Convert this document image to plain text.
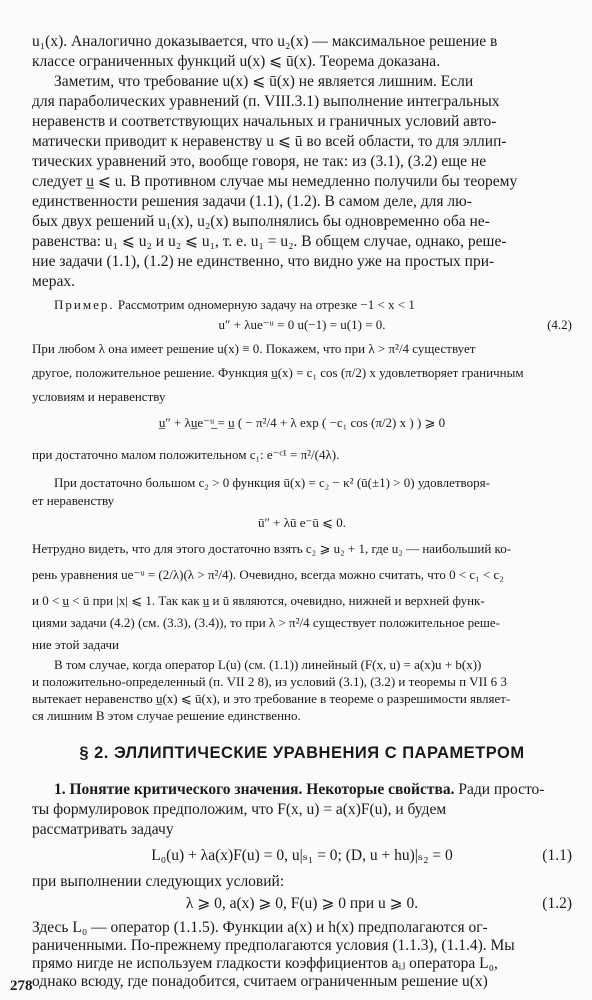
u₁(x). Аналогично доказывается, что u₂(x) — максимальное решение в
классе ограниченных функций u(x) ⩽ ū(x). Теорема доказана.
Заметим, что требование u(x) ⩽ ū(x) не является лишним. Если
для параболических уравнений (п. VIII.3.1) выполнение интегральных
неравенств и соответствующих начальных и граничных условий авто-
матически приводит к неравенству u ⩽ ū во всей области, то для эллип-
тических уравнений это, вообще говоря, не так: из (3.1), (3.2) еще не
следует u̲ ⩽ u. В противном случае мы немедленно получили бы теорему
единственности решения задачи (1.1), (1.2). В самом деле, для лю-
бых двух решений u₁(x), u₂(x) выполнялись бы одновременно оба не-
равенства: u₁ ⩽ u₂ и u₂ ⩽ u₁, т. е. u₁ = u₂. В общем случае, однако, реше-
ние задачи (1.1), (1.2) не единственно, что видно уже на простых при-
мерах.
Пример. Рассмотрим одномерную задачу на отрезке −1 < x < 1
u″ + λue⁻ᵘ = 0 u(−1) = u(1) = 0.	(4.2)
При любом λ она имеет решение u(x) ≡ 0. Покажем, что при λ > π²/4 существует
другое, положительное решение. Функция u̲(x) = c₁ cos (π/2) x удовлетворяет граничным
условиям и неравенству
u̲″ + λu̲e⁻ᵘ̲ = u̲ ( − π²/4 + λ exp ( −c₁ cos (π/2) x ) ) ⩾ 0
при достаточно малом положительном c₁: e⁻ᶜ¹ = π²/(4λ).
При достаточно большом c₂ > 0 функция ū(x) = c₂ − κ² (ū(±1) > 0) удовлетворя-
ет неравенству
ū″ + λū e⁻ū ⩽ 0.
Нетрудно видеть, что для этого достаточно взять c₂ ⩾ u₂ + 1, где u₂ — наибольший ко-
рень уравнения ue⁻ᵘ = (2/λ)(λ > π²/4). Очевидно, всегда можно считать, что 0 < c₁ < c₂
и 0 < u̲ < ū при |x| ⩽ 1. Так как u̲ и ū являются, очевидно, нижней и верхней функ-
циями задачи (4.2) (см. (3.3), (3.4)), то при λ > π²/4 существует положительное реше-
ние этой задачи
В том случае, когда оператор L(u) (см. (1.1)) линейный (F(x, u) = a(x)u + b(x))
и положительно-определенный (п. VII 2 8), из условий (3.1), (3.2) и теоремы п VII 6 3
вытекает неравенство u̲(x) ⩽ ū(x), и это требование в теореме о разрешимости являет-
ся лишним В этом случае решение единственно.
§ 2. ЭЛЛИПТИЧЕСКИЕ УРАВНЕНИЯ С ПАРАМЕТРОМ
1. Понятие критического значения. Некоторые свойства. Ради просто-
ты формулировок предположим, что F(x, u) = a(x)F(u), и будем
рассматривать задачу
L₀(u) + λa(x)F(u) = 0, u|ₛ₁ = 0; (D, u + hu)|ₛ₂ = 0	(1.1)
при выполнении следующих условий:
λ ⩾ 0, a(x) ⩾ 0, F(u) ⩾ 0 при u ⩾ 0.	(1.2)
Здесь L₀ — оператор (1.1.5). Функции a(x) и h(x) предполагаются ог-
раниченными. По-прежнему предполагаются условия (1.1.3), (1.1.4). Мы
прямо нигде не используем гладкости коэффициентов aᵢⱼ оператора L₀,
однако всюду, где понадобится, считаем ограниченным решение u(x)
278
